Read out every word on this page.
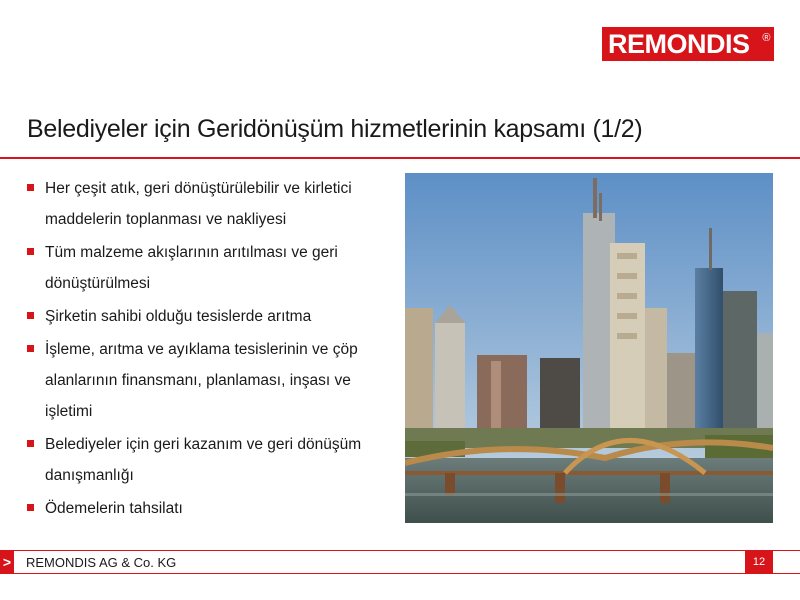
REMONDIS ®
Belediyeler için Geridönüşüm hizmetlerinin kapsamı (1/2)
Her çeşit atık, geri dönüştürülebilir ve kirletici maddelerin toplanması ve nakliyesi
Tüm malzeme akışlarının arıtılması ve geri dönüştürülmesi
Şirketin sahibi olduğu tesislerde arıtma
İşleme, arıtma ve ayıklama tesislerinin ve çöp alanlarının finansmanı, planlaması, inşası ve işletimi
Belediyeler için geri kazanım ve geri dönüşüm danışmanlığı
Ödemelerin tahsilatı
> REMONDIS AG & Co. KG	12
